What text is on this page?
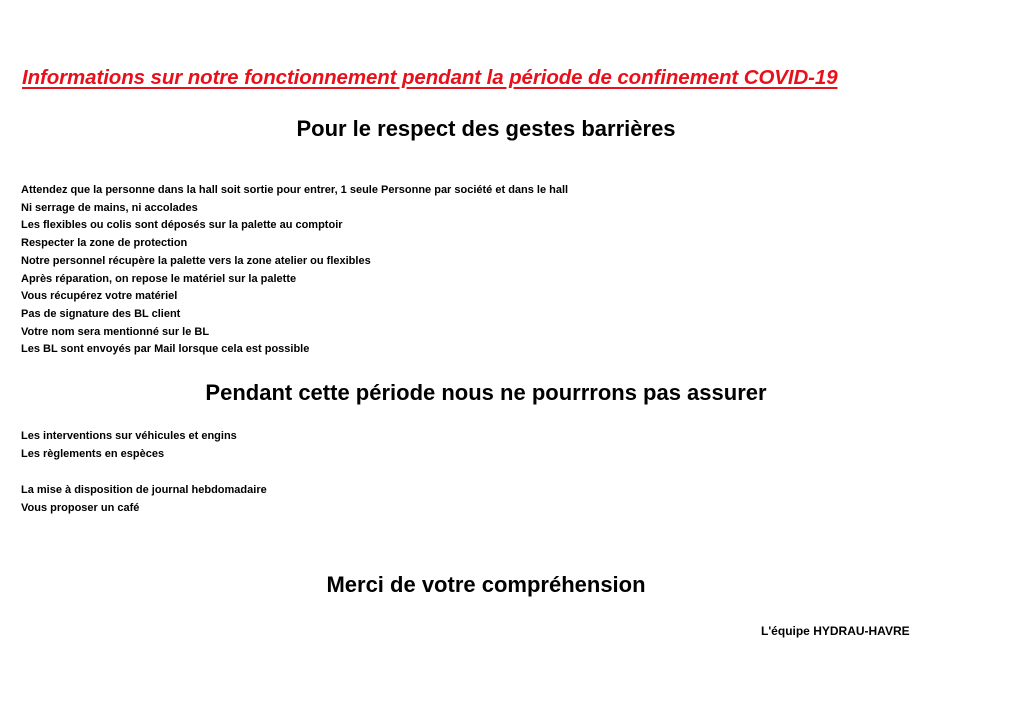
Informations sur notre fonctionnement pendant la période de confinement COVID-19
Pour le respect des gestes barrières
Attendez que la personne dans la hall soit sortie pour entrer, 1 seule Personne par société et dans le hall
Ni serrage de mains, ni accolades
Les flexibles ou colis sont déposés sur la palette au comptoir
Respecter la zone de protection
Notre personnel récupère la palette vers la zone atelier ou flexibles
Après réparation, on repose le matériel sur la palette
Vous récupérez votre matériel
Pas de signature des BL client
Votre nom sera mentionné sur le BL
Les BL sont envoyés par Mail lorsque cela est possible
Pendant cette période nous ne pourrrons pas assurer
Les interventions sur véhicules et engins
Les règlements en espèces
La mise à disposition de journal hebdomadaire
Vous proposer un café
Merci de votre compréhension
L'équipe HYDRAU-HAVRE
